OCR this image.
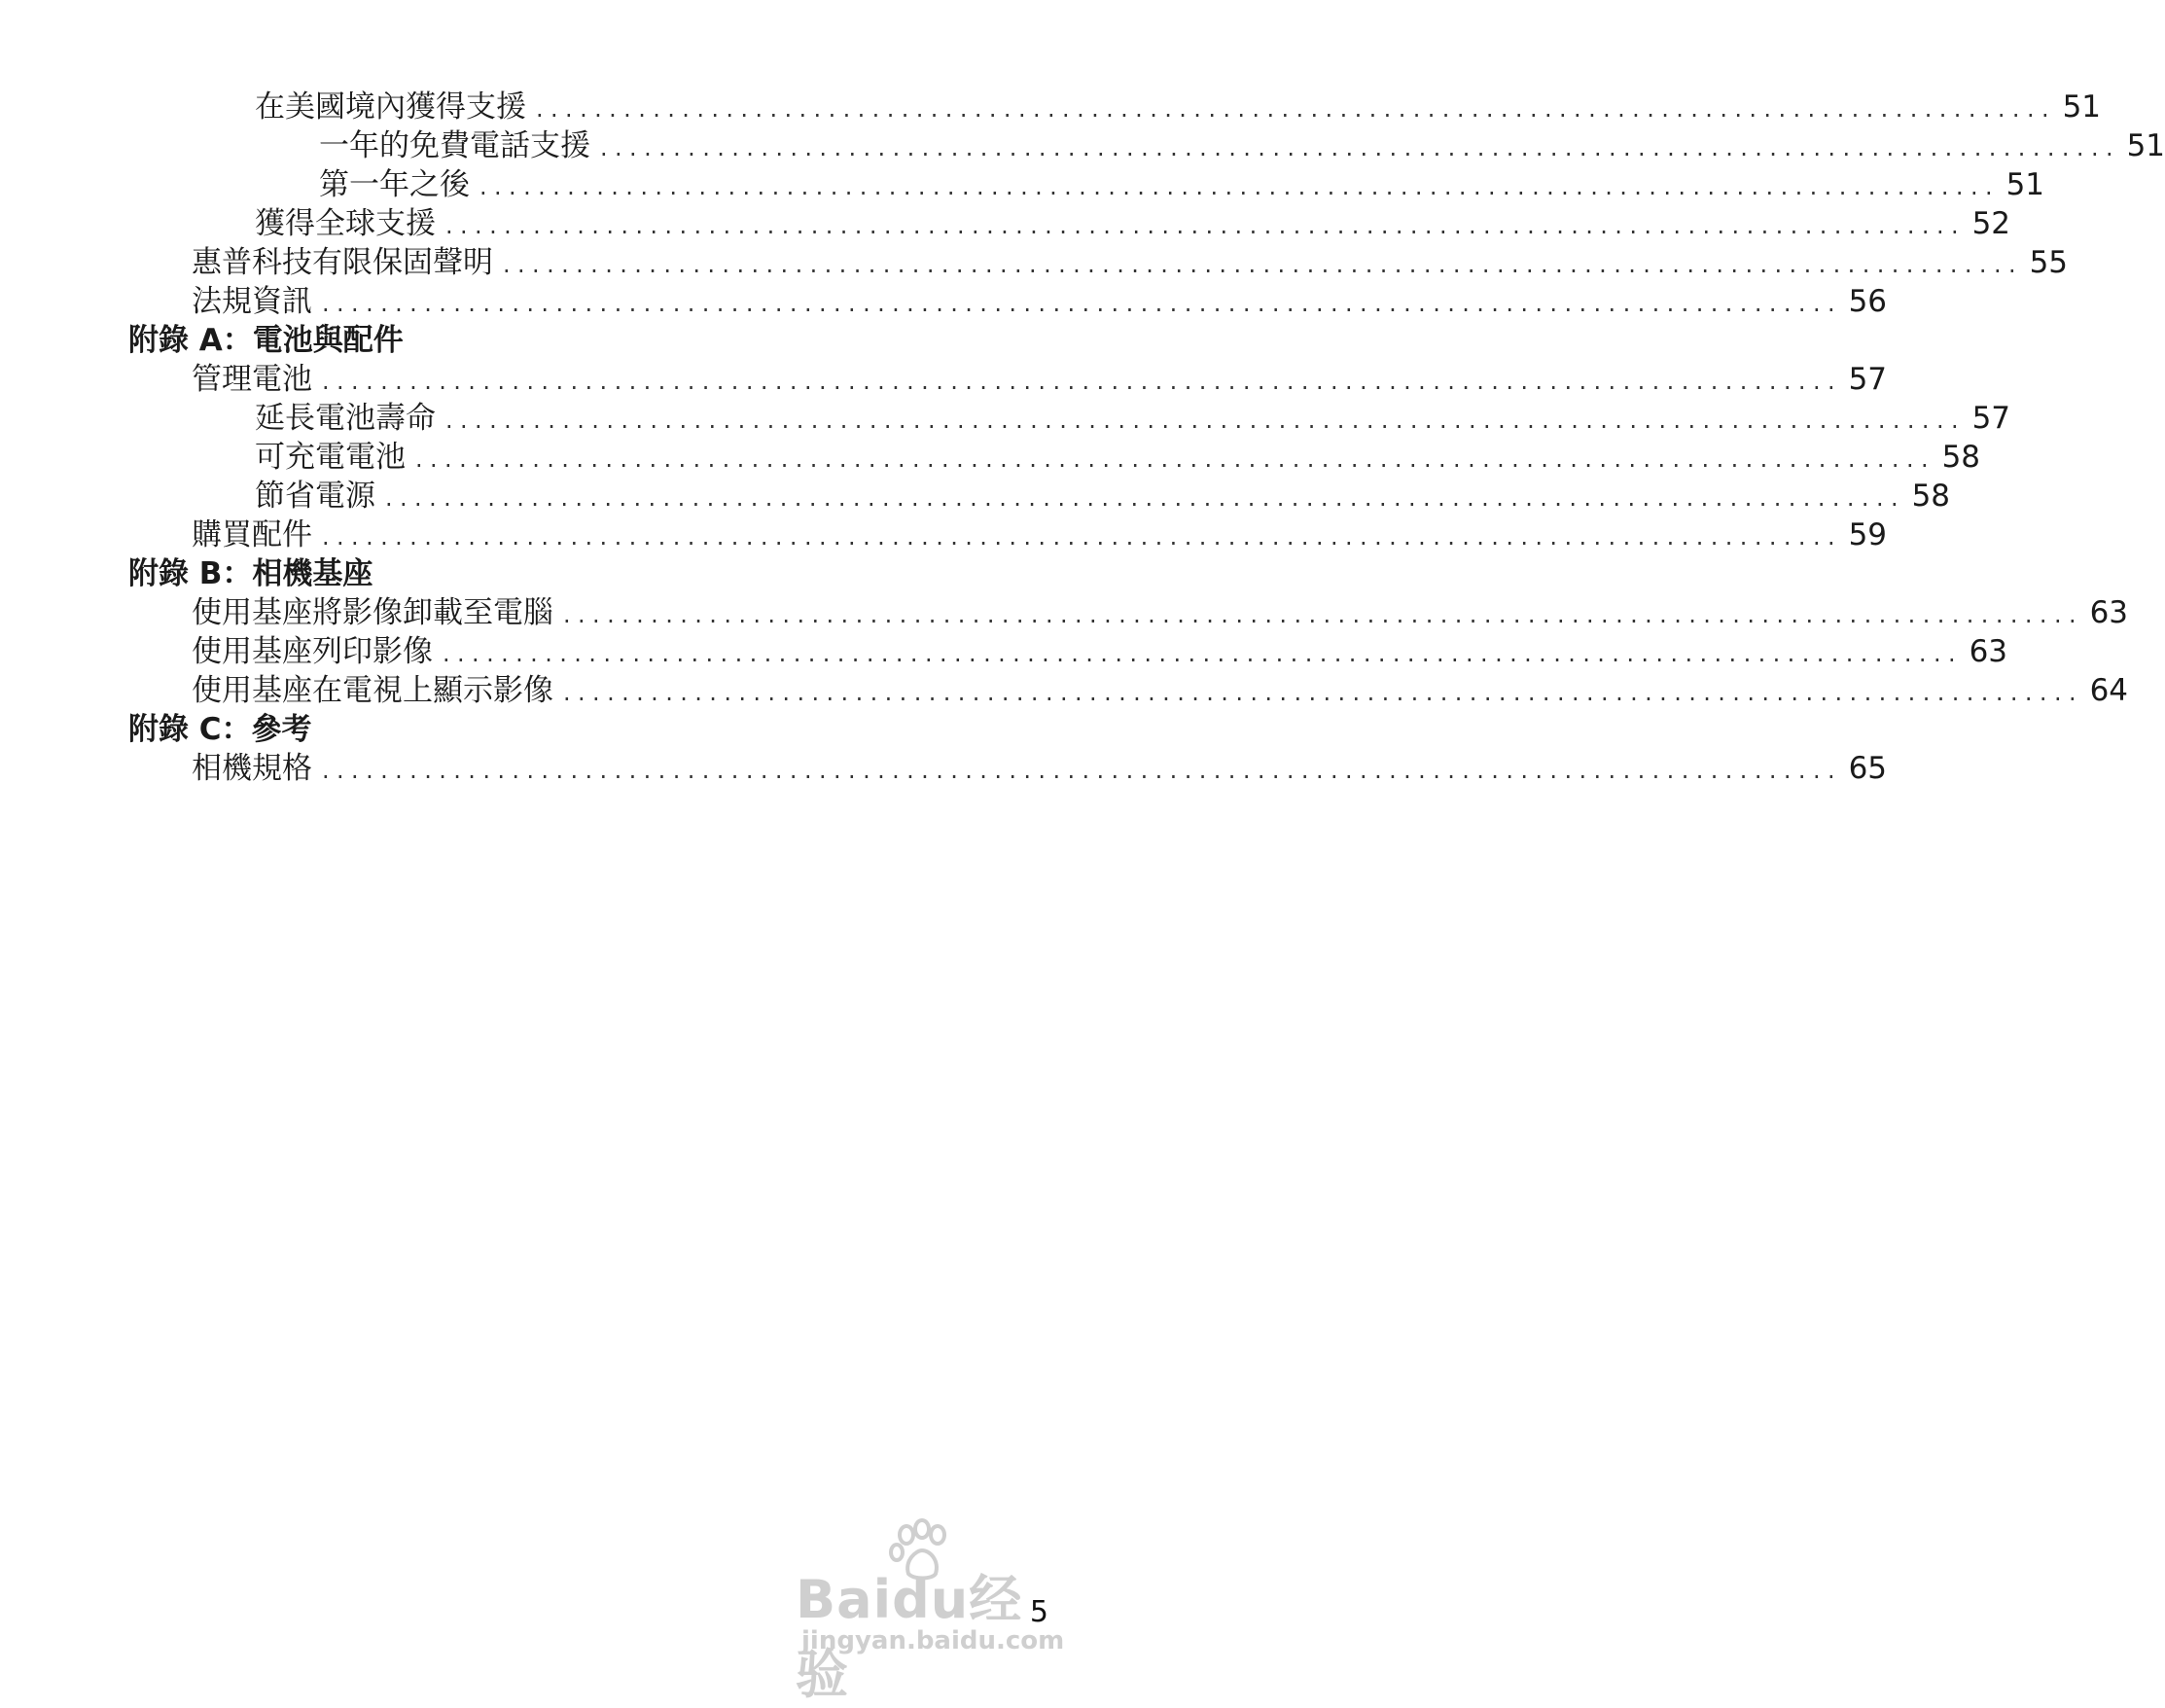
在美國境內獲得支援 ........................................................................................................ 51
一年的免費電話支援 ........................................................................................................ 51
第一年之後 ........................................................................................................ 51
獲得全球支援 ........................................................................................................ 52
惠普科技有限保固聲明 ........................................................................................................ 55
法規資訊 ........................................................................................................ 56
附錄 A：電池與配件
管理電池 ........................................................................................................ 57
延長電池壽命 ........................................................................................................ 57
可充電電池 ........................................................................................................ 58
節省電源 ........................................................................................................ 58
購買配件 ........................................................................................................ 59
附錄 B：相機基座
使用基座將影像卸載至電腦 ........................................................................................................ 63
使用基座列印影像 ........................................................................................................ 63
使用基座在電視上顯示影像 ........................................................................................................ 64
附錄 C：參考
相機規格 ........................................................................................................ 65
Baidu经验
jingyan.baidu.com
5
